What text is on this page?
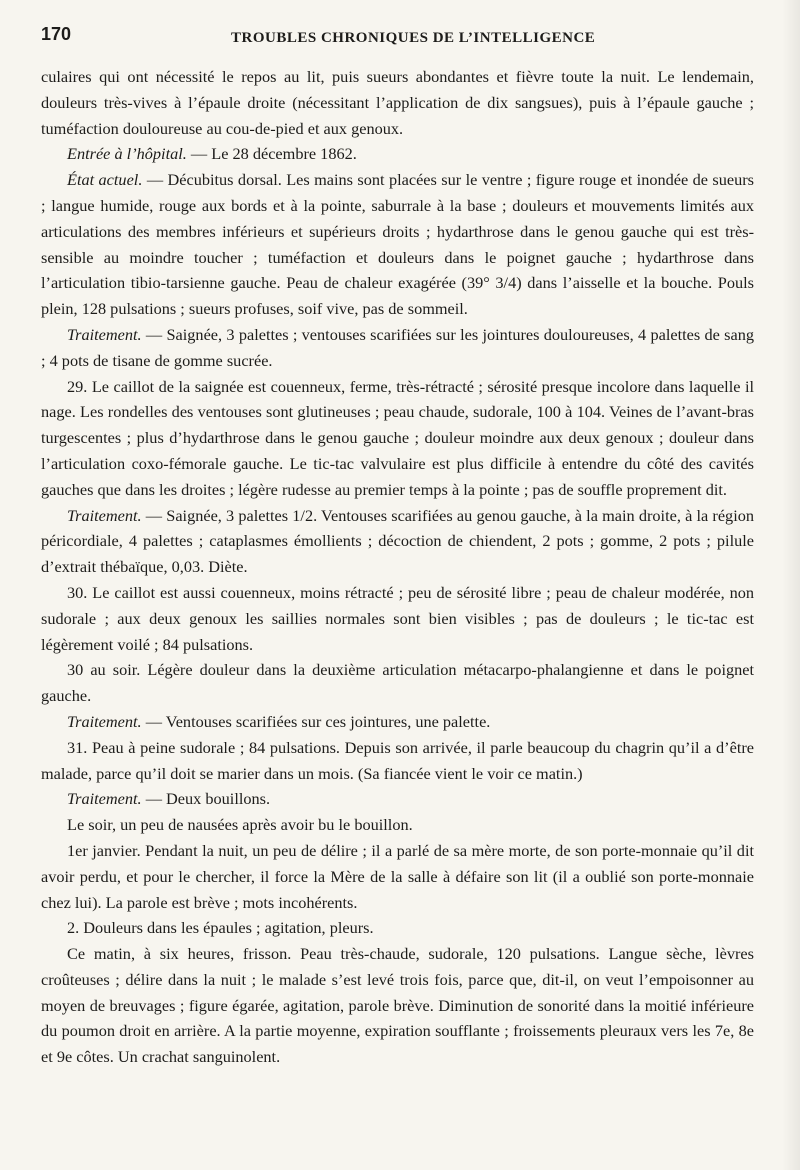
170	TROUBLES CHRONIQUES DE L’INTELLIGENCE

culaires qui ont nécessité le repos au lit, puis sueurs abondantes et fièvre toute la nuit. Le lendemain, douleurs très-vives à l’épaule droite (nécessitant l’application de dix sangsues), puis à l’épaule gauche ; tuméfaction douloureuse au cou-de-pied et aux genoux.

Entrée à l’hôpital. — Le 28 décembre 1862.

État actuel. — Décubitus dorsal. Les mains sont placées sur le ventre ; figure rouge et inondée de sueurs ; langue humide, rouge aux bords et à la pointe, saburrale à la base ; douleurs et mouvements limités aux articulations des membres inférieurs et supérieurs droits ; hydarthrose dans le genou gauche qui est très-sensible au moindre toucher ; tuméfaction et douleurs dans le poignet gauche ; hydarthrose dans l’articulation tibio-tarsienne gauche. Peau de chaleur exagérée (39° 3/4) dans l’aisselle et la bouche. Pouls plein, 128 pulsations ; sueurs profuses, soif vive, pas de sommeil.

Traitement. — Saignée, 3 palettes ; ventouses scarifiées sur les jointures douloureuses, 4 palettes de sang ; 4 pots de tisane de gomme sucrée.

29. Le caillot de la saignée est couenneux, ferme, très-rétracté ; sérosité presque incolore dans laquelle il nage. Les rondelles des ventouses sont glutineuses ; peau chaude, sudorale, 100 à 104. Veines de l’avant-bras turgescentes ; plus d’hydarthrose dans le genou gauche ; douleur moindre aux deux genoux ; douleur dans l’articulation coxo-fémorale gauche. Le tic-tac valvulaire est plus difficile à entendre du côté des cavités gauches que dans les droites ; légère rudesse au premier temps à la pointe ; pas de souffle proprement dit.

Traitement. — Saignée, 3 palettes 1/2. Ventouses scarifiées au genou gauche, à la main droite, à la région péricordiale, 4 palettes ; cataplasmes émollients ; décoction de chiendent, 2 pots ; gomme, 2 pots ; pilule d’extrait thébaïque, 0,03. Diète.

30. Le caillot est aussi couenneux, moins rétracté ; peu de sérosité libre ; peau de chaleur modérée, non sudorale ; aux deux genoux les saillies normales sont bien visibles ; pas de douleurs ; le tic-tac est légèrement voilé ; 84 pulsations.

30 au soir. Légère douleur dans la deuxième articulation métacarpo-phalangienne et dans le poignet gauche.

Traitement. — Ventouses scarifiées sur ces jointures, une palette.

31. Peau à peine sudorale ; 84 pulsations. Depuis son arrivée, il parle beaucoup du chagrin qu’il a d’être malade, parce qu’il doit se marier dans un mois. (Sa fiancée vient le voir ce matin.)

Traitement. — Deux bouillons.

Le soir, un peu de nausées après avoir bu le bouillon.

1er janvier. Pendant la nuit, un peu de délire ; il a parlé de sa mère morte, de son porte-monnaie qu’il dit avoir perdu, et pour le chercher, il force la Mère de la salle à défaire son lit (il a oublié son porte-monnaie chez lui). La parole est brève ; mots incohérents.

2. Douleurs dans les épaules ; agitation, pleurs.

Ce matin, à six heures, frisson. Peau très-chaude, sudorale, 120 pulsations. Langue sèche, lèvres croûteuses ; délire dans la nuit ; le malade s’est levé trois fois, parce que, dit-il, on veut l’empoisonner au moyen de breuvages ; figure égarée, agitation, parole brève. Diminution de sonorité dans la moitié inférieure du poumon droit en arrière. A la partie moyenne, expiration soufflante ; froissements pleuraux vers les 7e, 8e et 9e côtes. Un crachat sanguinolent.
